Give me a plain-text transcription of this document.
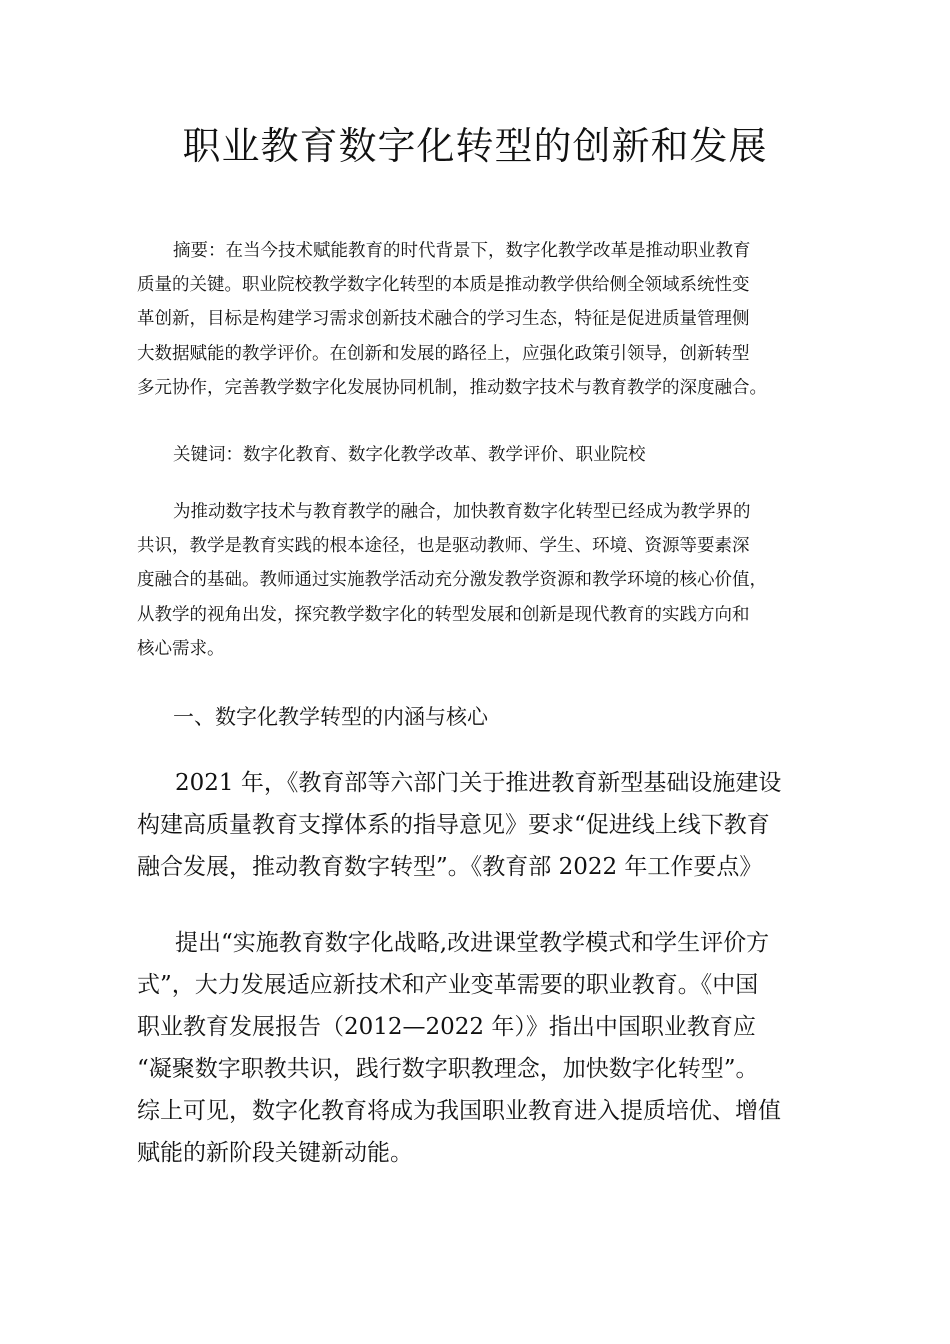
职业教育数字化转型的创新和发展
摘要：在当今技术赋能教育的时代背景下，数字化教学改革是推动职业教育
质量的关键。职业院校教学数字化转型的本质是推动教学供给侧全领域系统性变
革创新，目标是构建学习需求创新技术融合的学习生态，特征是促进质量管理侧
大数据赋能的教学评价。在创新和发展的路径上，应强化政策引领导，创新转型
多元协作，完善教学数字化发展协同机制，推动数字技术与教育教学的深度融合。
关键词：数字化教育、数字化教学改革、教学评价、职业院校
为推动数字技术与教育教学的融合，加快教育数字化转型已经成为教学界的
共识，教学是教育实践的根本途径，也是驱动教师、学生、环境、资源等要素深
度融合的基础。教师通过实施教学活动充分激发教学资源和教学环境的核心价值，
从教学的视角出发，探究教学数字化的转型发展和创新是现代教育的实践方向和
核心需求。
一、数字化教学转型的内涵与核心
2021 年，《教育部等六部门关于推进教育新型基础设施建设
构建高质量教育支撑体系的指导意见》要求“促进线上线下教育
融合发展，推动教育数字转型”。《教育部 2022 年工作要点》
提出“实施教育数字化战略,改进课堂教学模式和学生评价方
式”，大力发展适应新技术和产业变革需要的职业教育。《中国
职业教育发展报告（2012—2022 年）》指出中国职业教育应
“凝聚数字职教共识，践行数字职教理念，加快数字化转型”。
综上可见，数字化教育将成为我国职业教育进入提质培优、增值
赋能的新阶段关键新动能。
